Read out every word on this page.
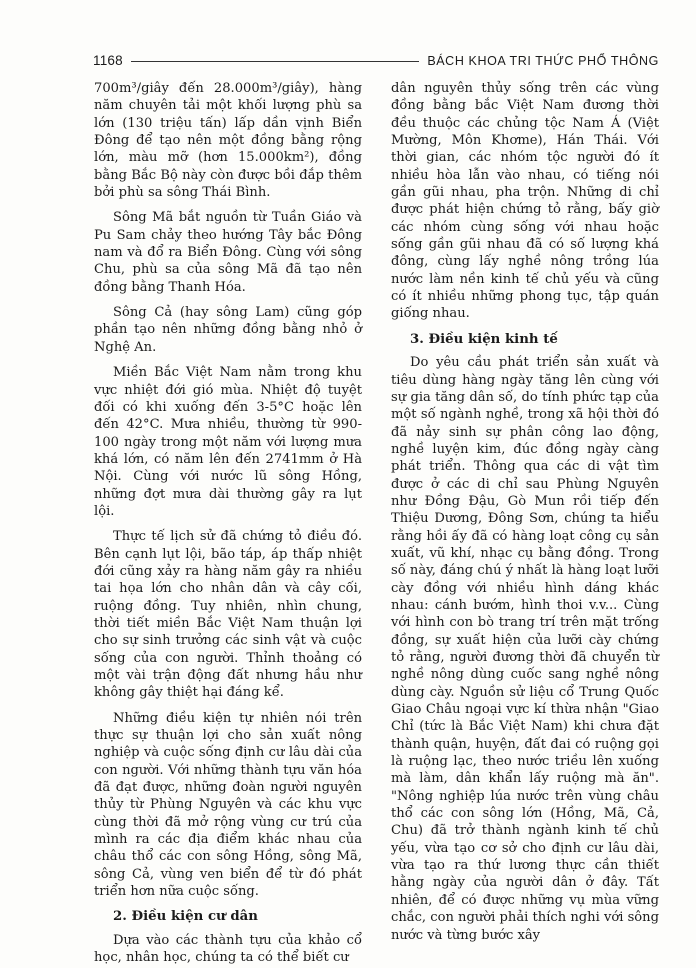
1168	BÁCH KHOA TRI THỨC PHỔ THÔNG

700m³/giây đến 28.000m³/giây), hàng năm chuyên tải một khối lượng phù sa lớn (130 triệu tấn) lấp dần vịnh Biển Đông để tạo nên một đồng bằng rộng lớn, màu mỡ (hơn 15.000km²), đồng bằng Bắc Bộ này còn được bồi đắp thêm bởi phù sa sông Thái Bình.

Sông Mã bắt nguồn từ Tuần Giáo và Pu Sam chảy theo hướng Tây bắc Đông nam và đổ ra Biển Đông. Cùng với sông Chu, phù sa của sông Mã đã tạo nên đồng bằng Thanh Hóa.

Sông Cả (hay sông Lam) cũng góp phần tạo nên những đồng bằng nhỏ ở Nghệ An.

Miền Bắc Việt Nam nằm trong khu vực nhiệt đới gió mùa. Nhiệt độ tuyệt đối có khi xuống đến 3-5°C hoặc lên đến 42°C. Mưa nhiều, thường từ 990-100 ngày trong một năm với lượng mưa khá lớn, có năm lên đến 2741mm ở Hà Nội. Cùng với nước lũ sông Hồng, những đợt mưa dài thường gây ra lụt lội.

Thực tế lịch sử đã chứng tỏ điều đó. Bên cạnh lụt lội, bão táp, áp thấp nhiệt đới cũng xảy ra hàng năm gây ra nhiều tai họa lớn cho nhân dân và cây cối, ruộng đồng. Tuy nhiên, nhìn chung, thời tiết miền Bắc Việt Nam thuận lợi cho sự sinh trưởng các sinh vật và cuộc sống của con người. Thỉnh thoảng có một vài trận động đất nhưng hầu như không gây thiệt hại đáng kể.

Những điều kiện tự nhiên nói trên thực sự thuận lợi cho sản xuất nông nghiệp và cuộc sống định cư lâu dài của con người. Với những thành tựu văn hóa đã đạt được, những đoàn người nguyên thủy từ Phùng Nguyên và các khu vực cùng thời đã mở rộng vùng cư trú của mình ra các địa điểm khác nhau của châu thổ các con sông Hồng, sông Mã, sông Cả, vùng ven biển để từ đó phát triển hơn nữa cuộc sống.

2. Điều kiện cư dân

Dựa vào các thành tựu của khảo cổ học, nhân học, chúng ta có thể biết cư

dân nguyên thủy sống trên các vùng đồng bằng bắc Việt Nam đương thời đều thuộc các chủng tộc Nam Á (Việt Mường, Môn Khơme), Hán Thái. Với thời gian, các nhóm tộc người đó ít nhiều hòa lẫn vào nhau, có tiếng nói gần gũi nhau, pha trộn. Những di chỉ được phát hiện chứng tỏ rằng, bấy giờ các nhóm cùng sống với nhau hoặc sống gần gũi nhau đã có số lượng khá đông, cùng lấy nghề nông trồng lúa nước làm nền kinh tế chủ yếu và cũng có ít nhiều những phong tục, tập quán giống nhau.

3. Điều kiện kinh tế

Do yêu cầu phát triển sản xuất và tiêu dùng hàng ngày tăng lên cùng với sự gia tăng dân số, do tính phức tạp của một số ngành nghề, trong xã hội thời đó đã nảy sinh sự phân công lao động, nghề luyện kim, đúc đồng ngày càng phát triển. Thông qua các di vật tìm được ở các di chỉ sau Phùng Nguyên như Đồng Đậu, Gò Mun rồi tiếp đến Thiệu Dương, Đông Sơn, chúng ta hiểu rằng hồi ấy đã có hàng loạt công cụ sản xuất, vũ khí, nhạc cụ bằng đồng. Trong số này, đáng chú ý nhất là hàng loạt lưỡi cày đồng với nhiều hình dáng khác nhau: cánh bướm, hình thoi v.v... Cùng với hình con bò trang trí trên mặt trống đồng, sự xuất hiện của lưỡi cày chứng tỏ rằng, người đương thời đã chuyển từ nghề nông dùng cuốc sang nghề nông dùng cày. Nguồn sử liệu cổ Trung Quốc Giao Châu ngoại vực kí thừa nhận "Giao Chỉ (tức là Bắc Việt Nam) khi chưa đặt thành quận, huyện, đất đai có ruộng gọi là ruộng lạc, theo nước triều lên xuống mà làm, dân khẩn lấy ruộng mà ăn". "Nông nghiệp lúa nước trên vùng châu thổ các con sông lớn (Hồng, Mã, Cả, Chu) đã trở thành ngành kinh tế chủ yếu, vừa tạo cơ sở cho định cư lâu dài, vừa tạo ra thứ lương thực cần thiết hằng ngày của người dân ở đây. Tất nhiên, để có được những vụ mùa vững chắc, con người phải thích nghi với sông nước và từng bước xây
